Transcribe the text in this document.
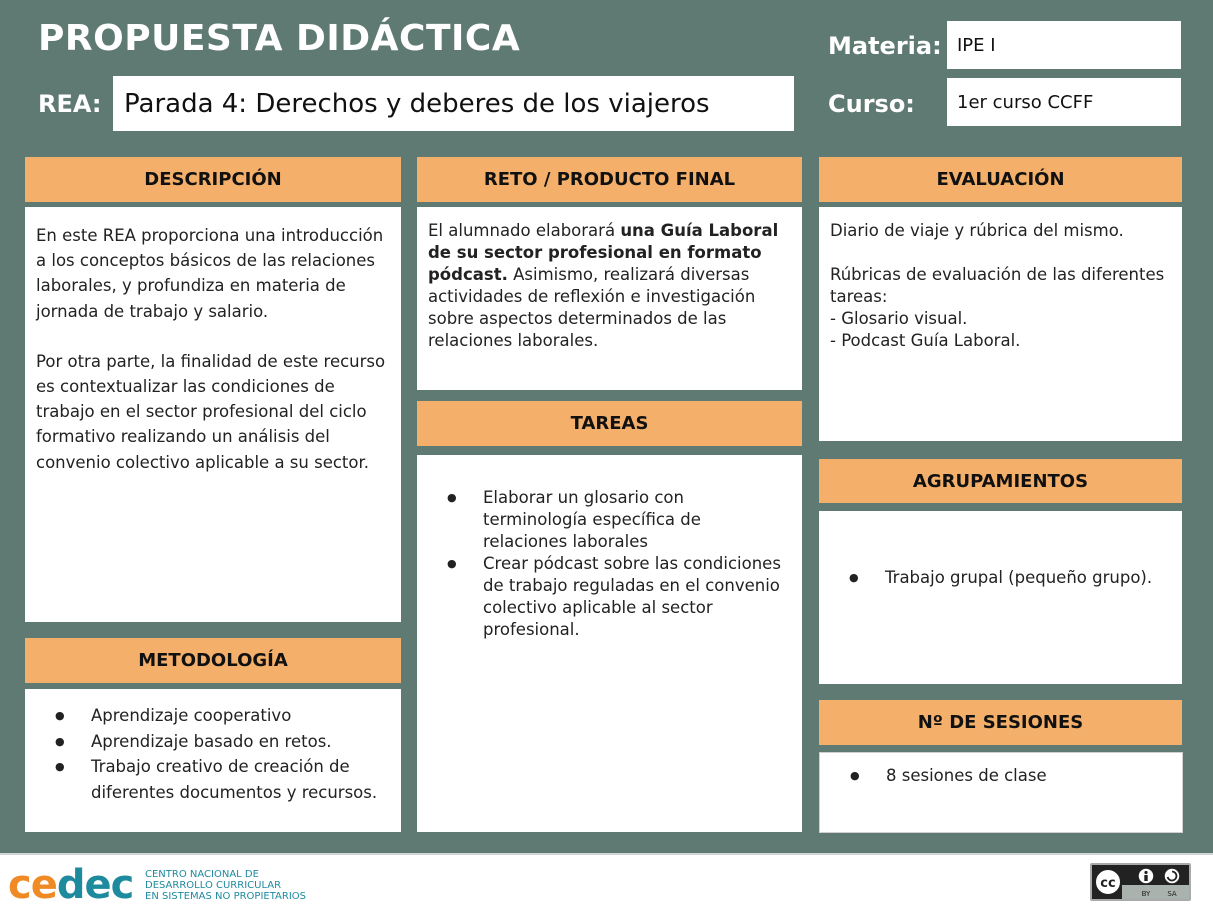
PROPUESTA DIDÁCTICA
REA: Parada 4: Derechos y deberes de los viajeros
Materia: IPE I
Curso: 1er curso CCFF
DESCRIPCIÓN

En este REA proporciona una introducción a los conceptos básicos de las relaciones laborales, y profundiza en materia de jornada de trabajo y salario.

Por otra parte, la finalidad de este recurso es contextualizar las condiciones de trabajo en el sector profesional del ciclo formativo realizando un análisis del convenio colectivo aplicable a su sector.

RETO / PRODUCTO FINAL

El alumnado elaborará una Guía Laboral de su sector profesional en formato pódcast. Asimismo, realizará diversas actividades de reflexión e investigación sobre aspectos determinados de las relaciones laborales.

EVALUACIÓN

Diario de viaje y rúbrica del mismo.

Rúbricas de evaluación de las diferentes tareas:

- Glosario visual.

- Podcast Guía Laboral.

TAREAS
● Elaborar un glosario con terminología específica de relaciones laborales
● Crear pódcast sobre las condiciones de trabajo reguladas en el convenio colectivo aplicable al sector profesional.
AGRUPAMIENTOS
● Trabajo grupal (pequeño grupo).
METODOLOGÍA
● Aprendizaje cooperativo
● Aprendizaje basado en retos.
● Trabajo creativo de creación de diferentes documentos y recursos.
Nº DE SESIONES
● 8 sesiones de clase
cedec CENTRO NACIONAL DE
DESARROLLO CURRICULAR
EN SISTEMAS NO PROPIETARIOS
cc
BY SA
